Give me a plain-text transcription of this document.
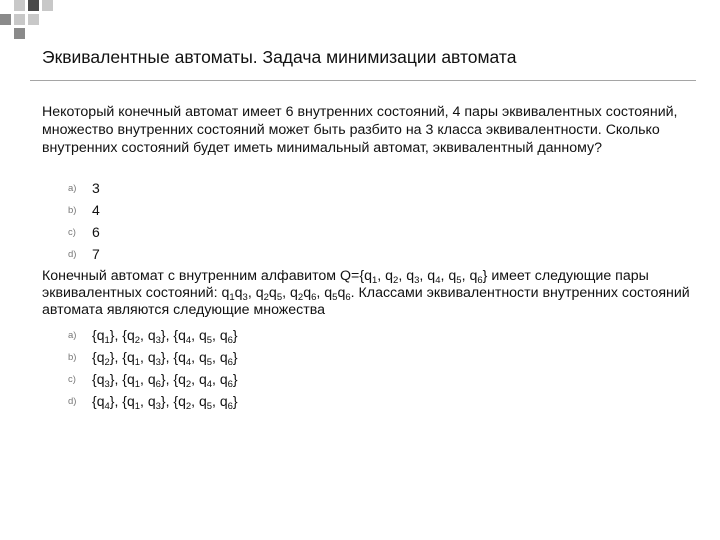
Эквивалентные автоматы. Задача минимизации автомата
Некоторый конечный автомат имеет 6 внутренних состояний, 4 пары эквивалентных состояний, множество внутренних состояний может быть разбито на 3 класса эквивалентности. Сколько внутренних состояний будет иметь минимальный автомат, эквивалентный данному?
a) 3
b) 4
c) 6
d) 7
Конечный автомат с внутренним алфавитом $Q=\{q_1$, $q_2$, $q_3$, $q_4$, $q_5$, $q_6$} имеет следующие пары эквивалентных состояний: $q_1q_3$, $q_2q_5$, $q_2q_6$, $q_5q_6$. Классами эквивалентности внутренних состояний автомата являются следующие множества
a) $\{q_1\}$, {$q_2$, $q_3$}, {$q_4$, $q_5$, $q_6$}
b) $\{q_2\}$, {$q_1$, $q_3$}, {$q_4$, $q_5$, $q_6$}
c) $\{q_3\}$, {$q_1$, $q_6$}, {$q_2$, $q_4$, $q_6$}
d) $\{q_4\}$, {$q_1$, $q_3$}, {$q_2$, $q_5$, $q_6$}
